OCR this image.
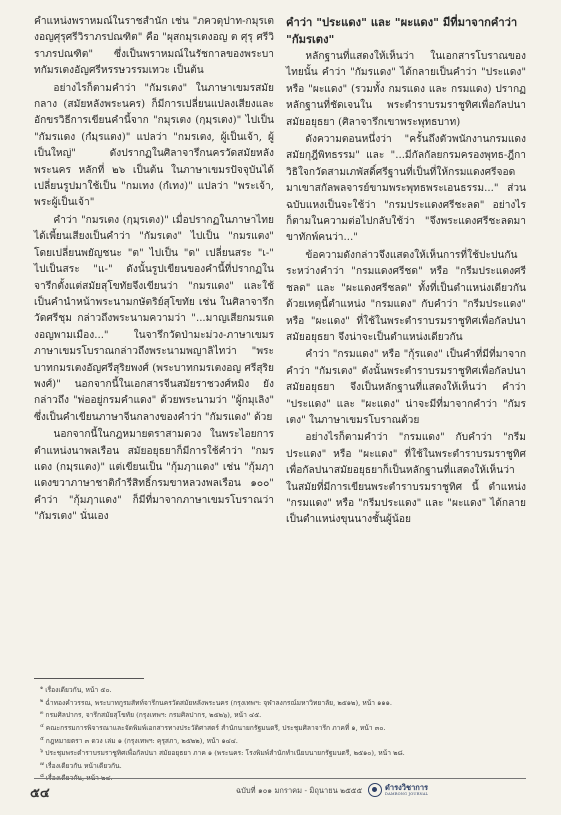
คำแหน่งพราหมณ์ในราชสำนัก เช่น "ภควดุปาท-กมุรเตงอญศุรุศรีวิราภรปณฑิต" คือ "ผุสกมุรเตงอญ ต ศุรุ ศรีวิราภรปณฑิต" ซึ่งเป็นพราหมณ์ในรัชกาลของพระบาทกัมรเตงอัญศรีหรรษวรรมเทวะ เป็นต้น

อย่างไรก็ตามคำว่า "กัมรเตง" ในภาษาเขมรสมัยกลาง (สมัยหลังพระนคร) ก็มีการเปลี่ยนแปลงเสียงและอักขรวิธีการเขียนคำนี้จาก "กมุรเตง (กฺมฺรเตง)" ไปเป็น "กัมรแดง (กํมฺรแตง)" แปลว่า "กมรเตง, ผู้เป็นเจ้า, ผู้เป็นใหญ่" ดังปรากฏในศิลาจารึกนครวัดสมัยหลังพระนคร หลักที่ ๒๖ เป็นต้น ในภาษาเขมรปัจจุบันได้เปลี่ยนรูปมาใช้เป็น "กมเทง (กํเทง)" แปลว่า "พระเจ้า, พระผู้เป็นเจ้า"

คำว่า "กมรเตง (กฺมฺรเตง)" เมื่อปรากฏในภาษาไทยได้เพี้ยนเสียงเป็นคำว่า "กัมรเตง" ไปเป็น "กมรแตง" โดยเปลี่ยนพยัญชนะ "ต" ไปเป็น "ด" เปลี่ยนสระ "เ-" ไปเป็นสระ "แ-" ดังนั้นรูปเขียนของคำนี้ที่ปรากฏในจารึกตั้งแต่สมัยสุโขทัยจึงเขียนว่า "กมรแดง" และใช้เป็นคำนำหน้าพระนามกษัตริย์สุโขทัย เช่น ในศิลาจารึกวัดศรีชุม กล่าวถึงพระนามความว่า "...มาญเสียกมรแดงอญพามเมือง..." ในจารึกวัดป่ามะม่วง-ภาษาเขมร ภาษาเขมรโบราณกล่าวถึงพระนามพญาลิไทว่า "พระบาทกมรเตงอัญศรีสุริยพงศ์ (พระบาทกมรเตงอญ ศรีสุริยพงศ์)" นอกจากนี้ในเอกสารจีนสมัยราชวงศ์หมิง ยังกล่าวถึง "พ่ออยู่กรมคำแดง" ด้วยพระนามว่า "ผู้กมุเลิง" ซึ่งเป็นคำเขียนภาษาจีนกลางของคำว่า "กัมรแดง" ด้วย

นอกจากนี้ในกฎหมายตราสามดวง ในพระไอยการตำแหน่งนาพลเรือน สมัยอยุธยาก็มีการใช้คำว่า "กมรแดง (กมฺรแตง)" แต่เขียนเป็น "กุ้มภฺาแดง" เช่น "กุ้มภฺาแดงขวาภาษาชาติกำรีสิทธิ์กรมขาหลวงพลเรือน ๑๐๐" คำว่า "กุ้มภฺาแดง" ก็มีที่มาจากภาษาเขมรโบราณว่า "กัมรเตง" นั่นเอง

คำว่า "ประแดง" และ "ผะแดง" มีที่มาจากคำว่า "กัมรเตง"

หลักฐานที่แสดงให้เห็นว่า ในเอกสารโบราณของไทยนั้น คำว่า "กัมรแดง" ได้กลายเป็นคำว่า "ประแดง" หรือ "ผะแดง" (รวมทั้ง กมรแดง และ กรมแดง) ปรากฏหลักฐานที่ชัดเจนใน พระตำราบรมราชูทิศเพื่อกัลปนาสมัยอยุธยา (ศิลาจารึกเขาพระพุทธบาท)

ดังความตอนหนึ่งว่า "ครั้นถึงตัวพนักงานกรมแดงสมัยกุฎีพิทธรรม" และ "...มีกัลกัลยกรมครองพุทธ-ฎีกาวิธิใจกวัดสามเภพัสดิ์ศรีฐานที่เป็นที่ให้กรมแดงศรีจอดมาเขาสกัลพลจารย์ขามพระพุทธพระเอนธรรม..." ส่วนฉบับแหงเป็นจะใช้ว่า "กรมประแดงศรีชะลด" อย่างไรก็ตามในความต่อไปกลับใช้ว่า "จึงพระแดงศรีชะลดมาขาทักพ์คนว่า..."

ข้อความดังกล่าวจึงแสดงให้เห็นการที่ใช้ปะปนกันระหว่างคำว่า "กรมแดงศรีชด" หรือ "กรีมประแดงศรีชลด" และ "ผะแดงศรีชลด" ทั้งที่เป็นตำแหน่งเดียวกัน ด้วยเหตุนี้ตำแหน่ง "กรมแดง" กับคำว่า "กรีมประแดง" หรือ "ผะแดง" ที่ใช้ในพระตำราบรมราชูทิศเพื่อกัลปนาสมัยอยุธยา จึงน่าจะเป็นตำแหน่งเดียวกัน

คำว่า "กรมแดง" หรือ "กุ้รแดง" เป็นคำที่มีที่มาจากคำว่า "กัมรเตง" ดังนั้นพระตำราบรมราชูทิศเพื่อกัลปนาสมัยอยุธยา จึงเป็นหลักฐานที่แสดงให้เห็นว่า คำว่า "ประแดง" และ "ผะแดง" น่าจะมีที่มาจากคำว่า "กัมรเตง" ในภาษาเขมรโบราณด้วย

อย่างไรก็ตามคำว่า "กรมแดง" กับคำว่า "กรีมประแดง" หรือ "ผะแดง" ที่ใช้ในพระตำราบรมราชูทิศเพื่อกัลปนาสมัยอยุธยาก็เป็นหลักฐานที่แสดงให้เห็นว่า ในสมัยที่มีการเขียนพระตำราบรมราชูทิศ นี้ ตำแหน่ง "กรมแดง" หรือ "กรีมประแดง" และ "ผะแดง" ได้กลายเป็นตำแหน่งขุนนางชั้นผู้น้อย

$^๑$ เรื่องเดียวกัน, หน้า ๕๐.
$^๒$ ฉ่ำทองคำวรรณ, พระบาทกูรมสัทท์จารึกนครวัดสมัยหลังพระนคร (กรุงเทพฯ: จุฬาลงกรณ์มหาวิทยาลัย, ๒๕๑๒), หน้า ๑๑๑.
$^๓$ กรมศิลปากร, จารึกสมัยสุโขทัย (กรุงเทพฯ: กรมศิลปากร, ๒๕๒๖), หน้า ๔๕.
$^๔$ คณะกรรมการพิจารณาและจัดพิมพ์เอกสารทางประวัติศาสตร์ สำนักนายกรัฐมนตรี, ประชุมศิลาจารึก ภาคที่ ๑, หน้า ๓๐.
$^๕$ กฎหมายตรา ๓ ดวง เล่ม ๑ (กรุงเทพฯ: คุรุสภา, ๒๕๒๒), หน้า ๑๔๔.
$^๖$ ประชุมพระตำราบรมราชูทิศเพื่อกัลปนา สมัยอยุธยา ภาค ๑ (พระนคร: โรงพิมพ์สำนักทำเนียบนายกรัฐมนตรี, ๒๕๑๐), หน้า ๒๘.
$^๗$ เรื่องเดียวกัน หน้าเดียวกัน.
$^๘$ เรื่องเดียวกัน, หน้า ๒๔.
๕๔	ฉบับที่ ๑๐๑ มกราคม - มิถุนายน ๒๕๕๕	ดำรงวิชาการ
DAMRONG JOURNAL
